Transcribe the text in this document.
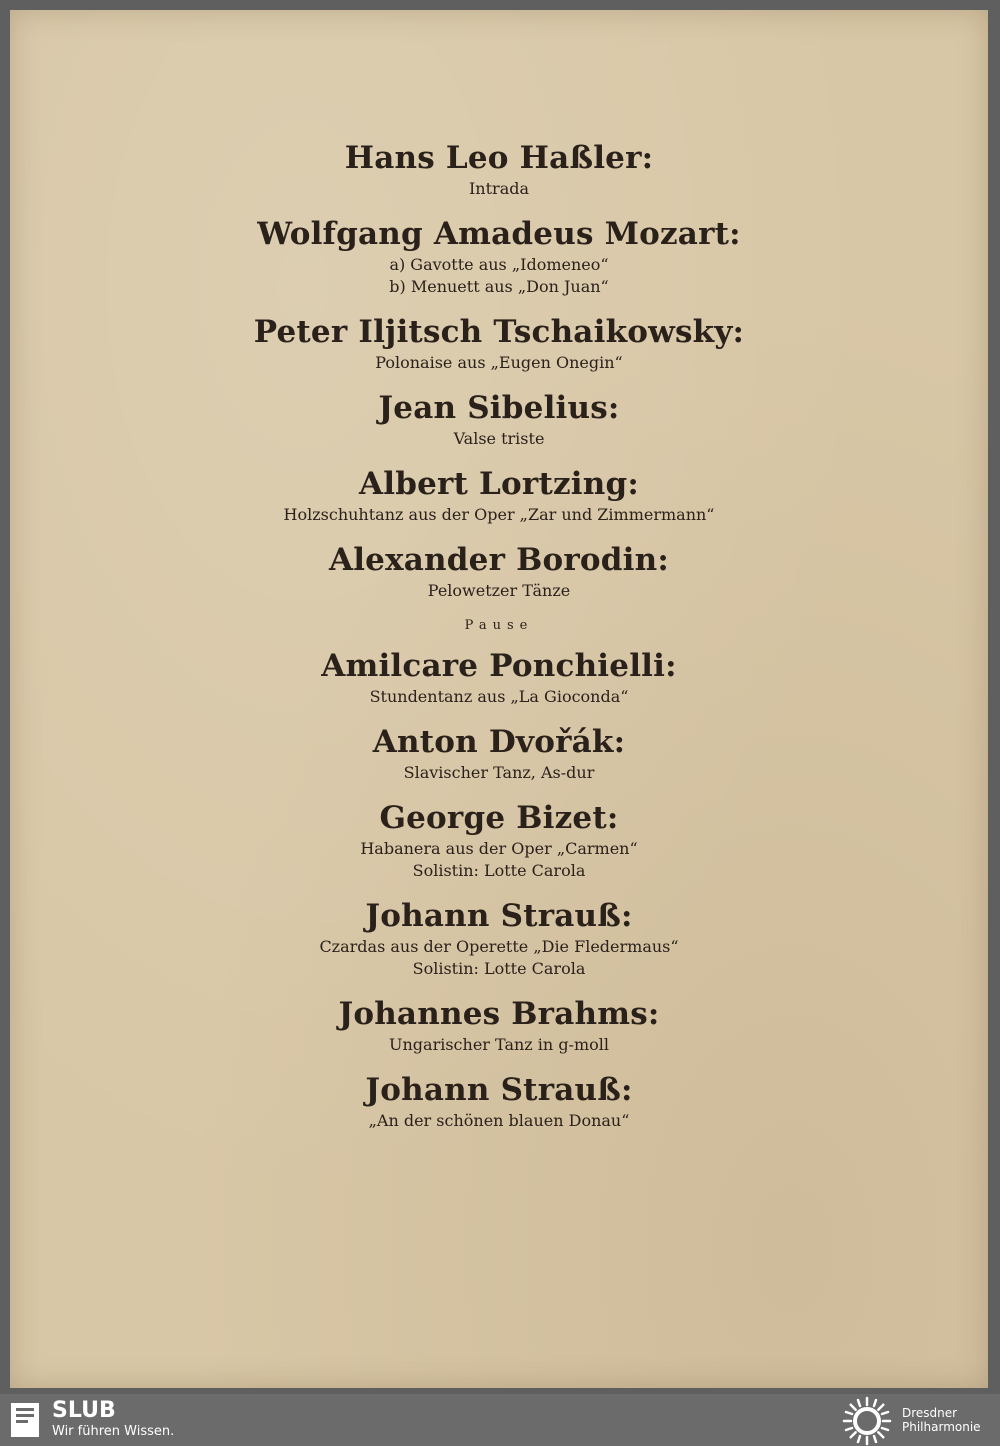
Hans Leo Haßler:
Intrada
Wolfgang Amadeus Mozart:
a) Gavotte aus „Idomeneo“
b) Menuett aus „Don Juan“
Peter Iljitsch Tschaikowsky:
Polonaise aus „Eugen Onegin“
Jean Sibelius:
Valse triste
Albert Lortzing:
Holzschuhtanz aus der Oper „Zar und Zimmermann“
Alexander Borodin:
Pelowetzer Tänze
Pause
Amilcare Ponchielli:
Stundentanz aus „La Gioconda“
Anton Dvořák:
Slavischer Tanz, As-dur
George Bizet:
Habanera aus der Oper „Carmen“
Solistin: Lotte Carola
Johann Strauß:
Czardas aus der Operette „Die Fledermaus“
Solistin: Lotte Carola
Johannes Brahms:
Ungarischer Tanz in g-moll
Johann Strauß:
„An der schönen blauen Donau“
SLUB
Wir führen Wissen.
Dresdner
Philharmonie
